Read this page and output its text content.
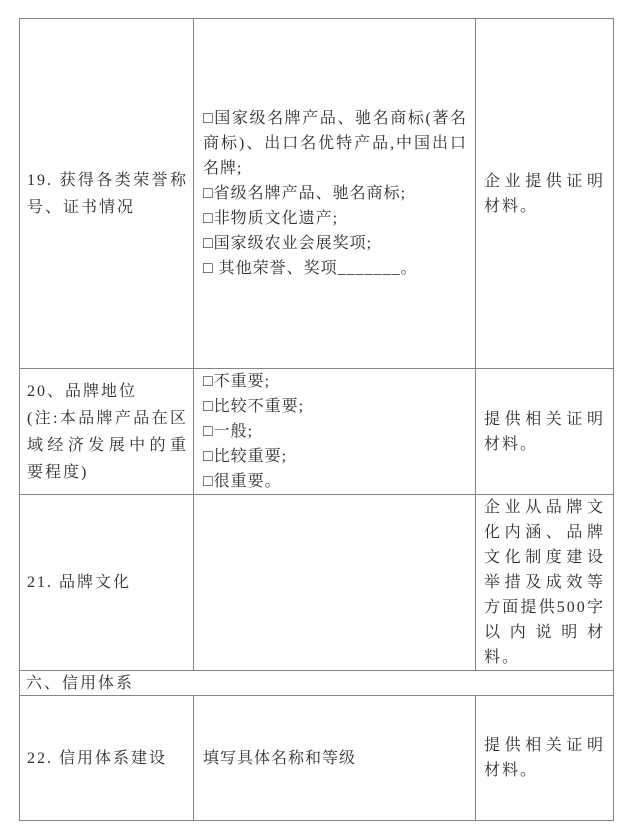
19. 获得各类荣誉称号、证书情况	□国家级名牌产品、驰名商标(著名商标)、出口名优特产品,中国出口名牌;
□省级名牌产品、驰名商标;
□非物质文化遗产;
□国家级农业会展奖项;
□ 其他荣誉、奖项_______。	企业提供证明材料。

20、品牌地位
(注:本品牌产品在区域经济发展中的重要程度)	□不重要;
□比较不重要;
□一般;
□比较重要;
□很重要。	提供相关证明材料。

21. 品牌文化		企业从品牌文化内涵、品牌文化制度建设举措及成效等方面提供500字以内说明材料。

六、信用体系		

22. 信用体系建设	填写具体名称和等级	提供相关证明材料。
